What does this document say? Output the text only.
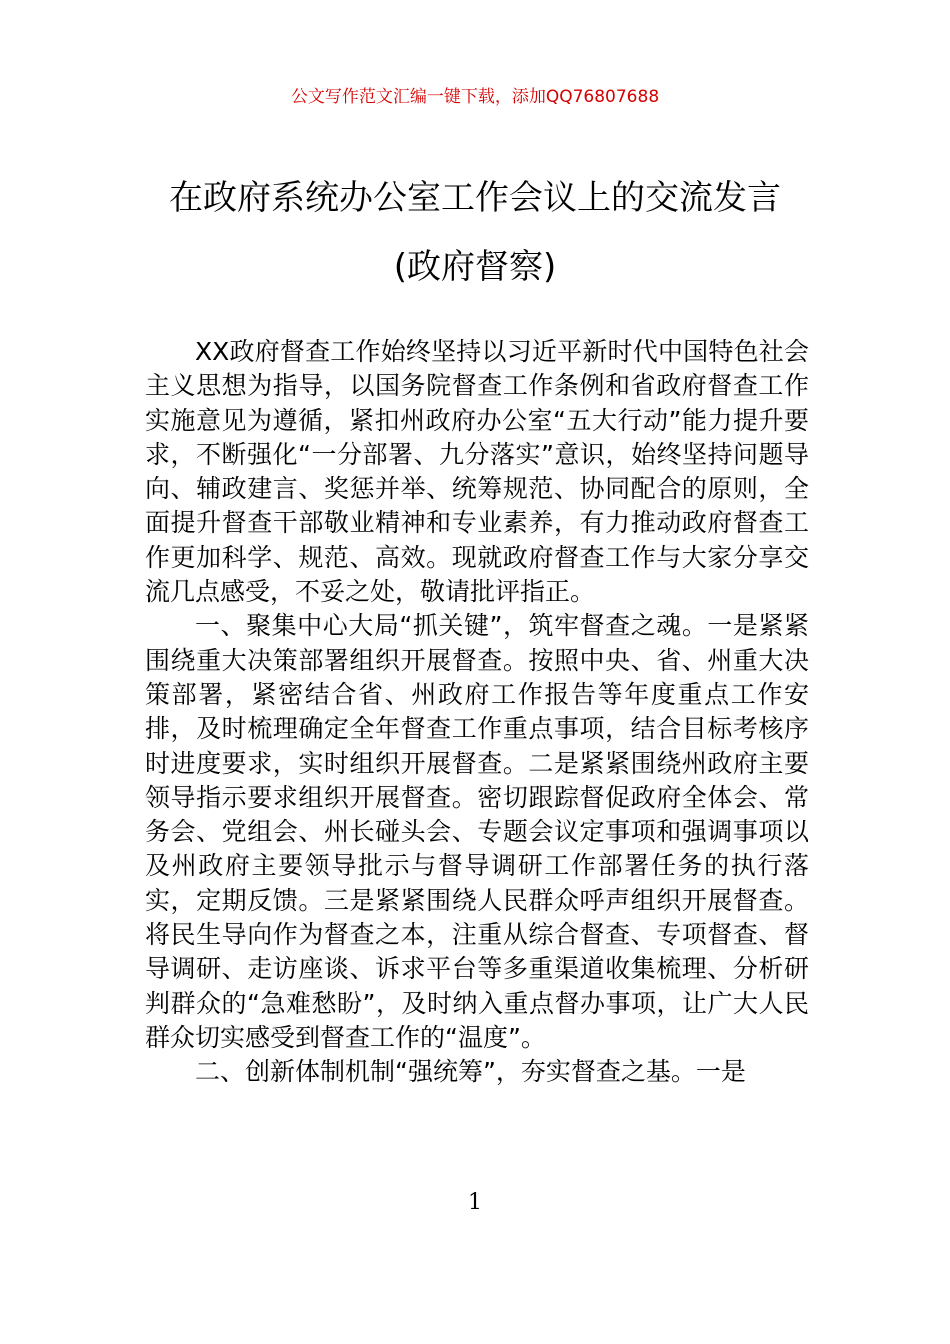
公文写作范文汇编一键下载，添加QQ76807688
在政府系统办公室工作会议上的交流发言
(政府督察)

XX政府督查工作始终坚持以习近平新时代中国特色社会主义思想为指导，以国务院督查工作条例和省政府督查工作实施意见为遵循，紧扣州政府办公室“五大行动”能力提升要求，不断强化“一分部署、九分落实”意识，始终坚持问题导向、辅政建言、奖惩并举、统筹规范、协同配合的原则，全面提升督查干部敬业精神和专业素养，有力推动政府督查工作更加科学、规范、高效。现就政府督查工作与大家分享交流几点感受，不妥之处，敬请批评指正。

一、聚集中心大局“抓关键”，筑牢督查之魂。一是紧紧围绕重大决策部署组织开展督查。按照中央、省、州重大决策部署，紧密结合省、州政府工作报告等年度重点工作安排，及时梳理确定全年督查工作重点事项，结合目标考核序时进度要求，实时组织开展督查。二是紧紧围绕州政府主要领导指示要求组织开展督查。密切跟踪督促政府全体会、常务会、党组会、州长碰头会、专题会议定事项和强调事项以及州政府主要领导批示与督导调研工作部署任务的执行落实，定期反馈。三是紧紧围绕人民群众呼声组织开展督查。将民生导向作为督查之本，注重从综合督查、专项督查、督导调研、走访座谈、诉求平台等多重渠道收集梳理、分析研判群众的“急难愁盼”，及时纳入重点督办事项，让广大人民群众切实感受到督查工作的“温度”。

二、创新体制机制“强统筹”，夯实督查之基。一是

1
